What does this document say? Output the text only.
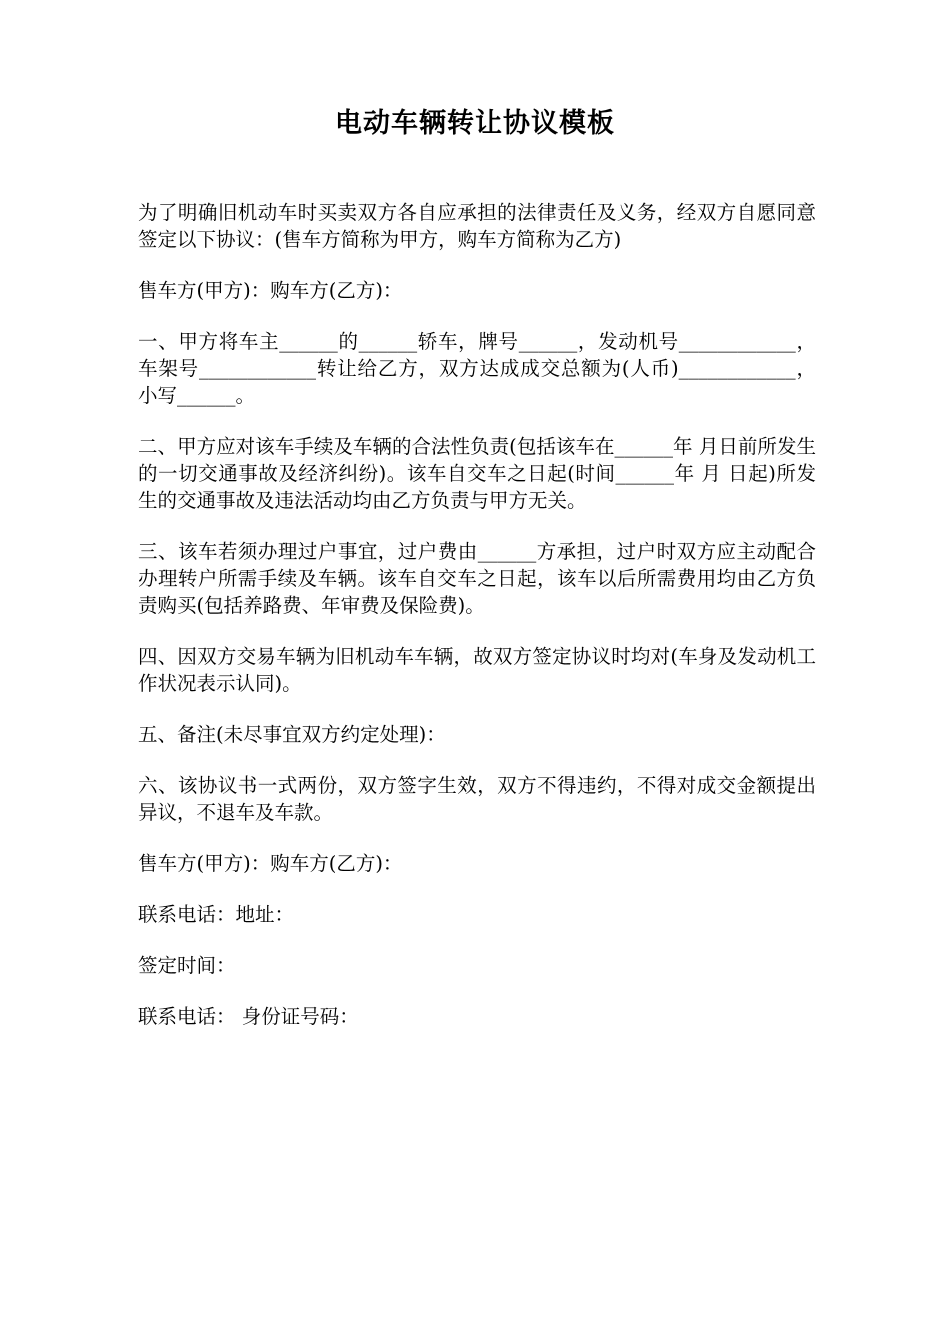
电动车辆转让协议模板

为了明确旧机动车时买卖双方各自应承担的法律责任及义务，经双方自愿同意签定以下协议：(售车方简称为甲方，购车方简称为乙方)

售车方(甲方)：购车方(乙方)：

一、甲方将车主______的______轿车，牌号______，发动机号____________，车架号____________转让给乙方，双方达成成交总额为(人币)____________，小写______。

二、甲方应对该车手续及车辆的合法性负责(包括该车在______年 月日前所发生的一切交通事故及经济纠纷)。该车自交车之日起(时间______年 月 日起)所发生的交通事故及违法活动均由乙方负责与甲方无关。

三、该车若须办理过户事宜，过户费由______方承担，过户时双方应主动配合办理转户所需手续及车辆。该车自交车之日起，该车以后所需费用均由乙方负责购买(包括养路费、年审费及保险费)。

四、因双方交易车辆为旧机动车车辆，故双方签定协议时均对(车身及发动机工作状况表示认同)。

五、备注(未尽事宜双方约定处理)：

六、该协议书一式两份，双方签字生效，双方不得违约，不得对成交金额提出异议，不退车及车款。

售车方(甲方)：购车方(乙方)：

联系电话：地址：

签定时间：

联系电话： 身份证号码：
